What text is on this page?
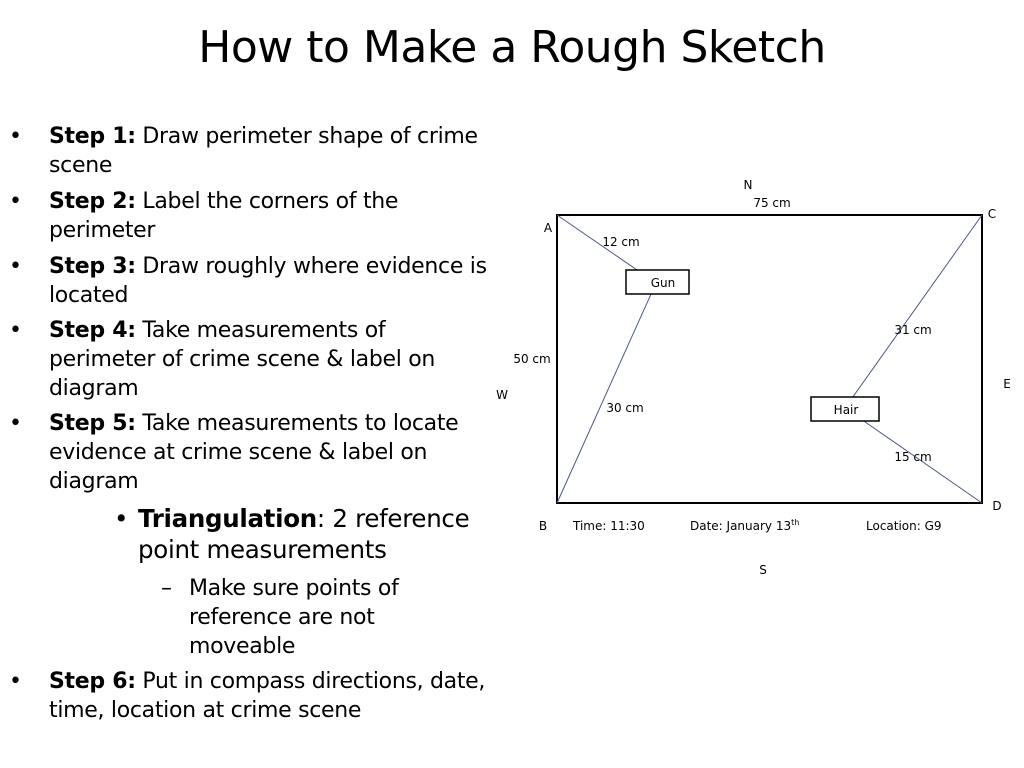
How to Make a Rough Sketch
• Step 1: Draw perimeter shape of crime scene
• Step 2: Label the corners of the perimeter
• Step 3: Draw roughly where evidence is located
• Step 4: Take measurements of perimeter of crime scene & label on diagram
• Step 5: Take measurements to locate evidence at crime scene & label on diagram
• Triangulation: 2 reference point measurements
– Make sure points of reference are not moveable
• Step 6: Put in compass directions, date, time, location at crime scene
Gun
Hair
N
S
E
W
A
B
C
D
75 cm
50 cm
12 cm
30 cm
31 cm
15 cm
Time: 11:30	Date: January 13th	Location: G9
